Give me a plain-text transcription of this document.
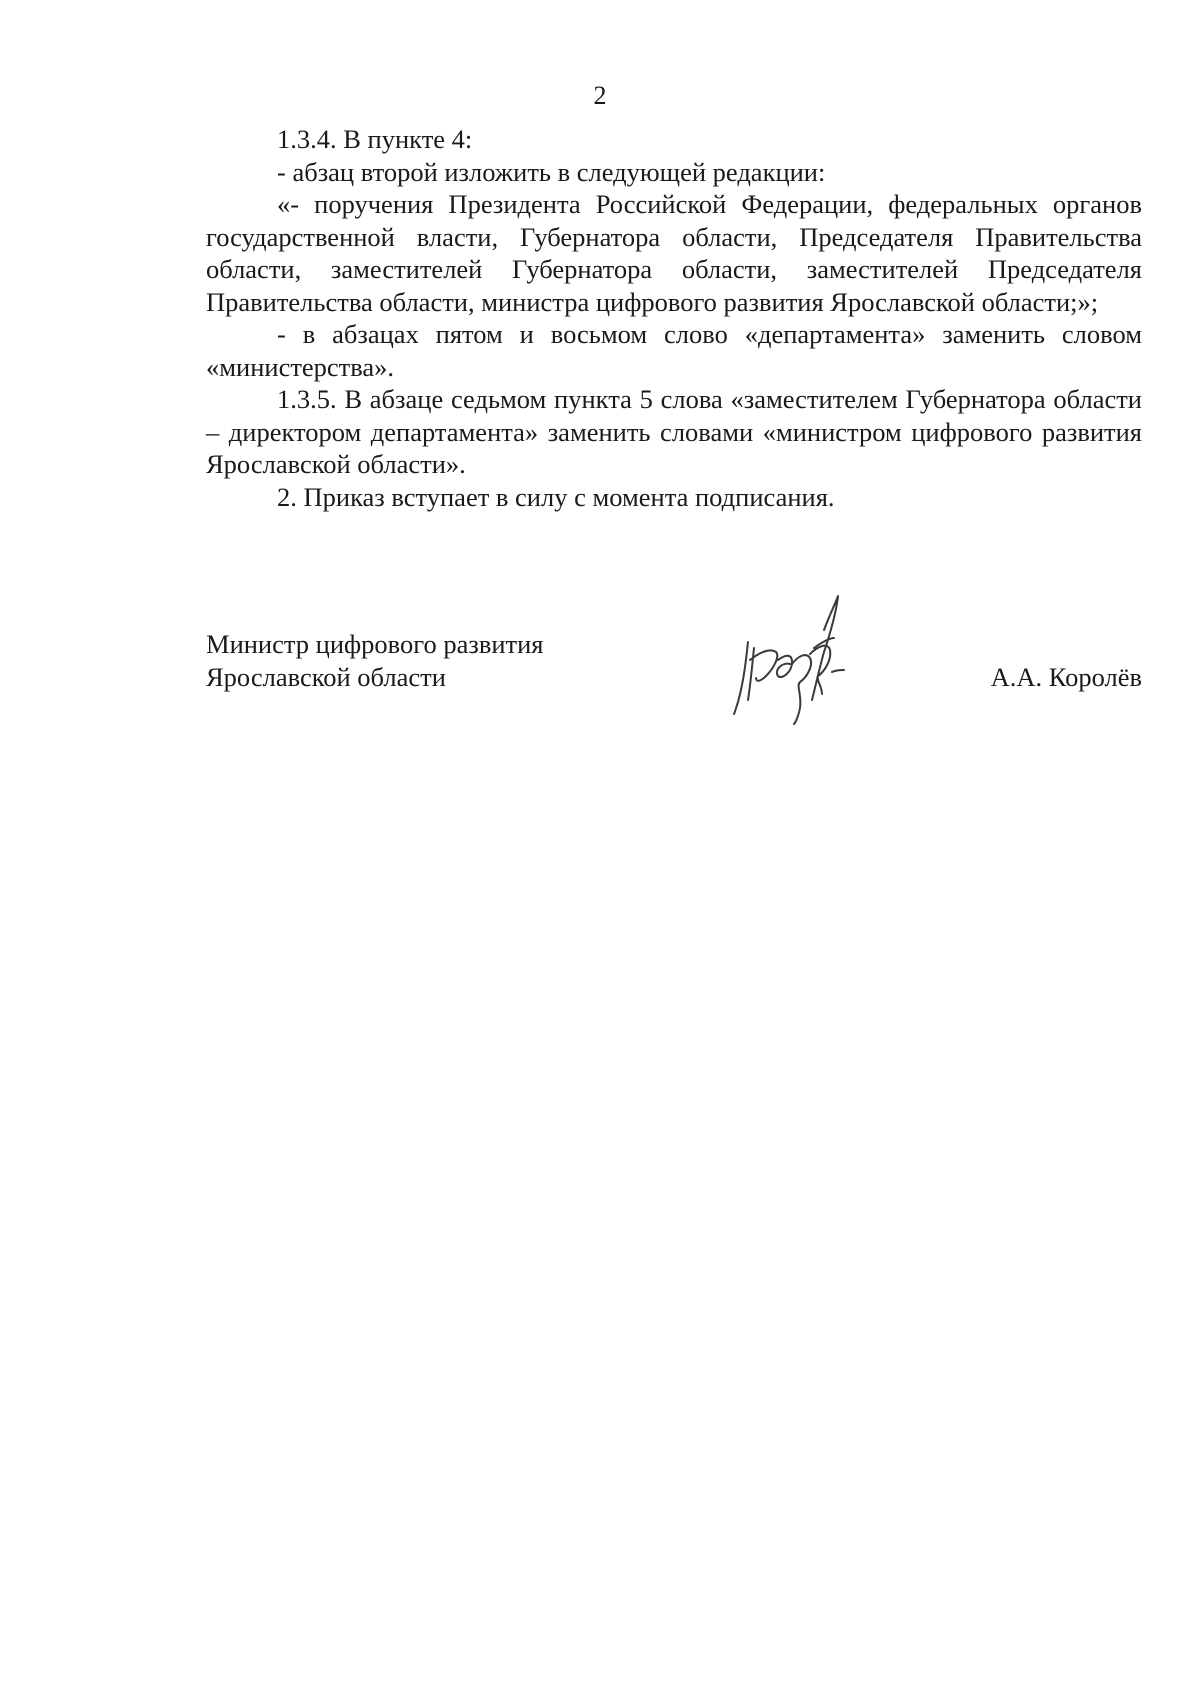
2

1.3.4. В пункте 4:

- абзац второй изложить в следующей редакции:

«- поручения Президента Российской Федерации, федеральных органов государственной власти, Губернатора области, Председателя Правительства области, заместителей Губернатора области, заместителей Председателя Правительства области, министра цифрового развития Ярославской области;»;

- в абзацах пятом и восьмом слово «департамента» заменить словом «министерства».

1.3.5. В абзаце седьмом пункта 5 слова «заместителем Губернатора области – директором департамента» заменить словами «министром цифрового развития Ярославской области».

2. Приказ вступает в силу с момента подписания.

Министр цифрового развития
Ярославской области	А.А. Королёв
